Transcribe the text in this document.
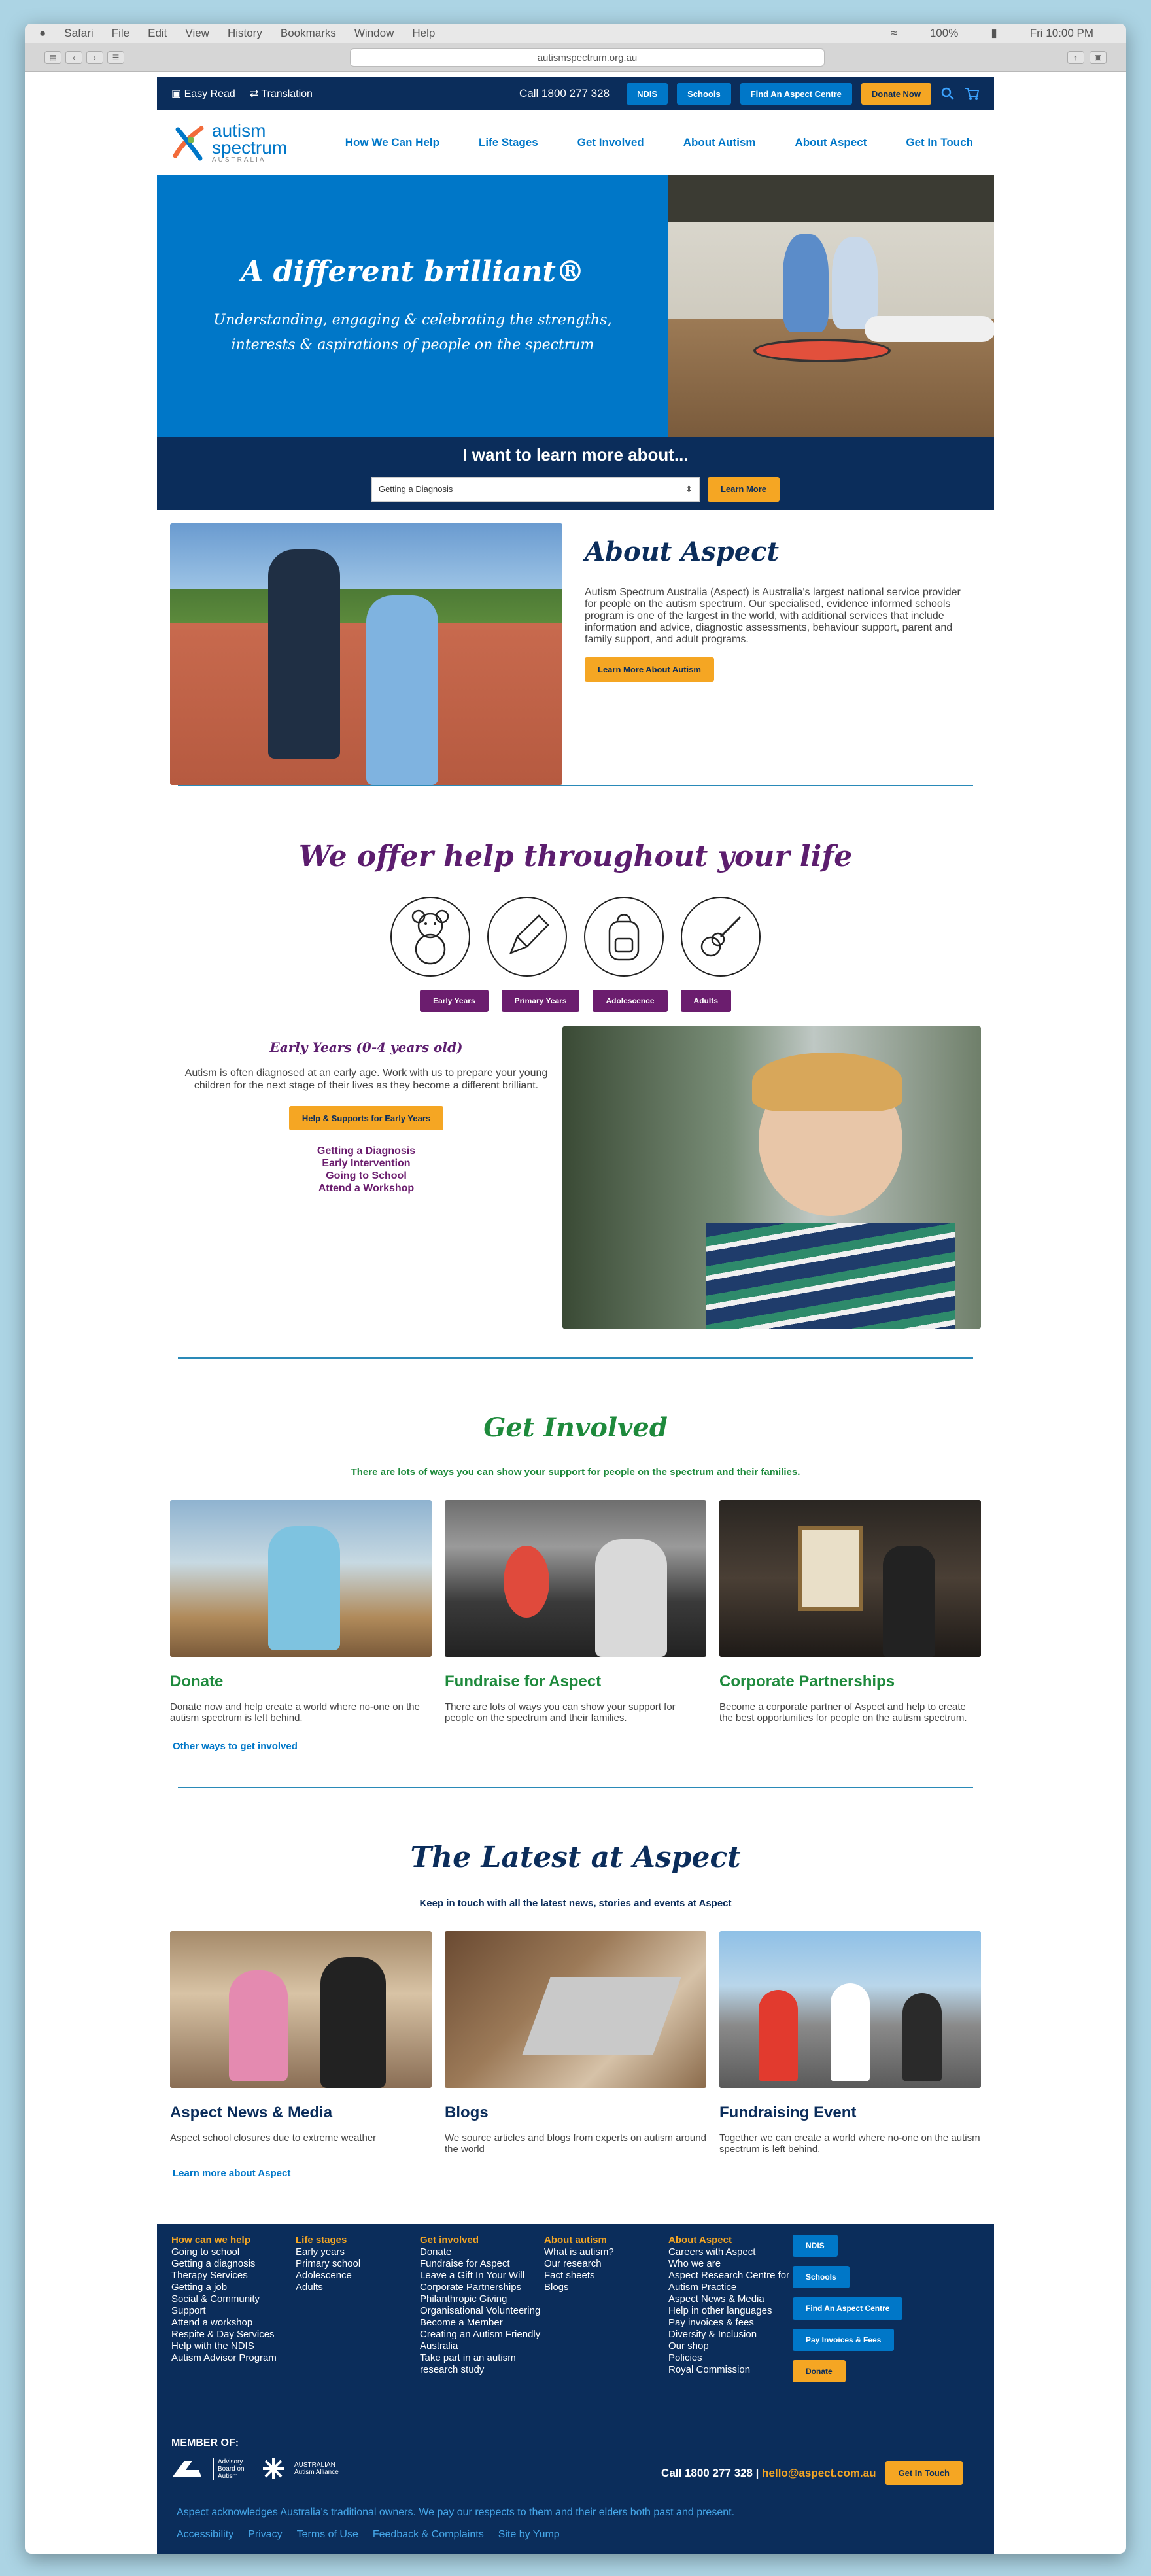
● Safari File Edit View History Bookmarks Window Help	≈	100%	▮	Fri 10:00 PM
▤	‹	›	☰	autismspectrum.org.au	↑	▣
▣ Easy Read ⇄ Translation	Call 1800 277 328	NDIS	Schools	Find An Aspect Centre	Donate Now
autism
spectrum
AUSTRALIA
How We Can Help	Life Stages	Get Involved	About Autism	About Aspect	Get In Touch
A different brilliant®
Understanding, engaging & celebrating the strengths, interests & aspirations of people on the spectrum
I want to learn more about...
Getting a Diagnosis	⇕	Learn More
About Aspect

Autism Spectrum Australia (Aspect) is Australia's largest national service provider for people on the autism spectrum. Our specialised, evidence informed schools program is one of the largest in the world, with additional services that include information and advice, diagnostic assessments, behaviour support, parent and family support, and adult programs.

Learn More About Autism
We offer help throughout your life
Early Years	Primary Years	Adolescence	Adults
Early Years (0-4 years old)

Autism is often diagnosed at an early age. Work with us to prepare your young children for the next stage of their lives as they become a different brilliant.

Help & Supports for Early Years
Getting a Diagnosis
Early Intervention
Going to School
Attend a Workshop
Get Involved
There are lots of ways you can show your support for people on the spectrum and their families.
Donate

Donate now and help create a world where no-one on the autism spectrum is left behind.

Fundraise for Aspect

There are lots of ways you can show your support for people on the spectrum and their families.

Corporate Partnerships

Become a corporate partner of Aspect and help to create the best opportunities for people on the autism spectrum.

Other ways to get involved
The Latest at Aspect
Keep in touch with all the latest news, stories and events at Aspect
Aspect News & Media

Aspect school closures due to extreme weather

Blogs

We source articles and blogs from experts on autism around the world

Fundraising Event

Together we can create a world where no-one on the autism spectrum is left behind.

Learn more about Aspect
How can we help
Going to school
Getting a diagnosis
Therapy Services
Getting a job
Social & Community Support
Attend a workshop
Respite & Day Services
Help with the NDIS
Autism Advisor Program
Life stages
Early years
Primary school
Adolescence
Adults
Get involved
Donate
Fundraise for Aspect
Leave a Gift In Your Will
Corporate Partnerships
Philanthropic Giving
Organisational Volunteering
Become a Member
Creating an Autism Friendly Australia
Take part in an autism research study
About autism
What is autism?
Our research
Fact sheets
Blogs
About Aspect
Careers with Aspect
Who we are
Aspect Research Centre for Autism Practice
Aspect News & Media
Help in other languages
Pay invoices & fees
Diversity & Inclusion
Our shop
Policies
Royal Commission
NDIS
Schools
Find An Aspect Centre
Pay Invoices & Fees
Donate
MEMBER OF:
Advisory Board on Autism
AUSTRALIAN Autism Alliance	Call 1800 277 328 | hello@aspect.com.au	Get In Touch
Aspect acknowledges Australia's traditional owners. We pay our respects to them and their elders both past and present.
Accessibility Privacy Terms of Use Feedback & Complaints Site by Yump
